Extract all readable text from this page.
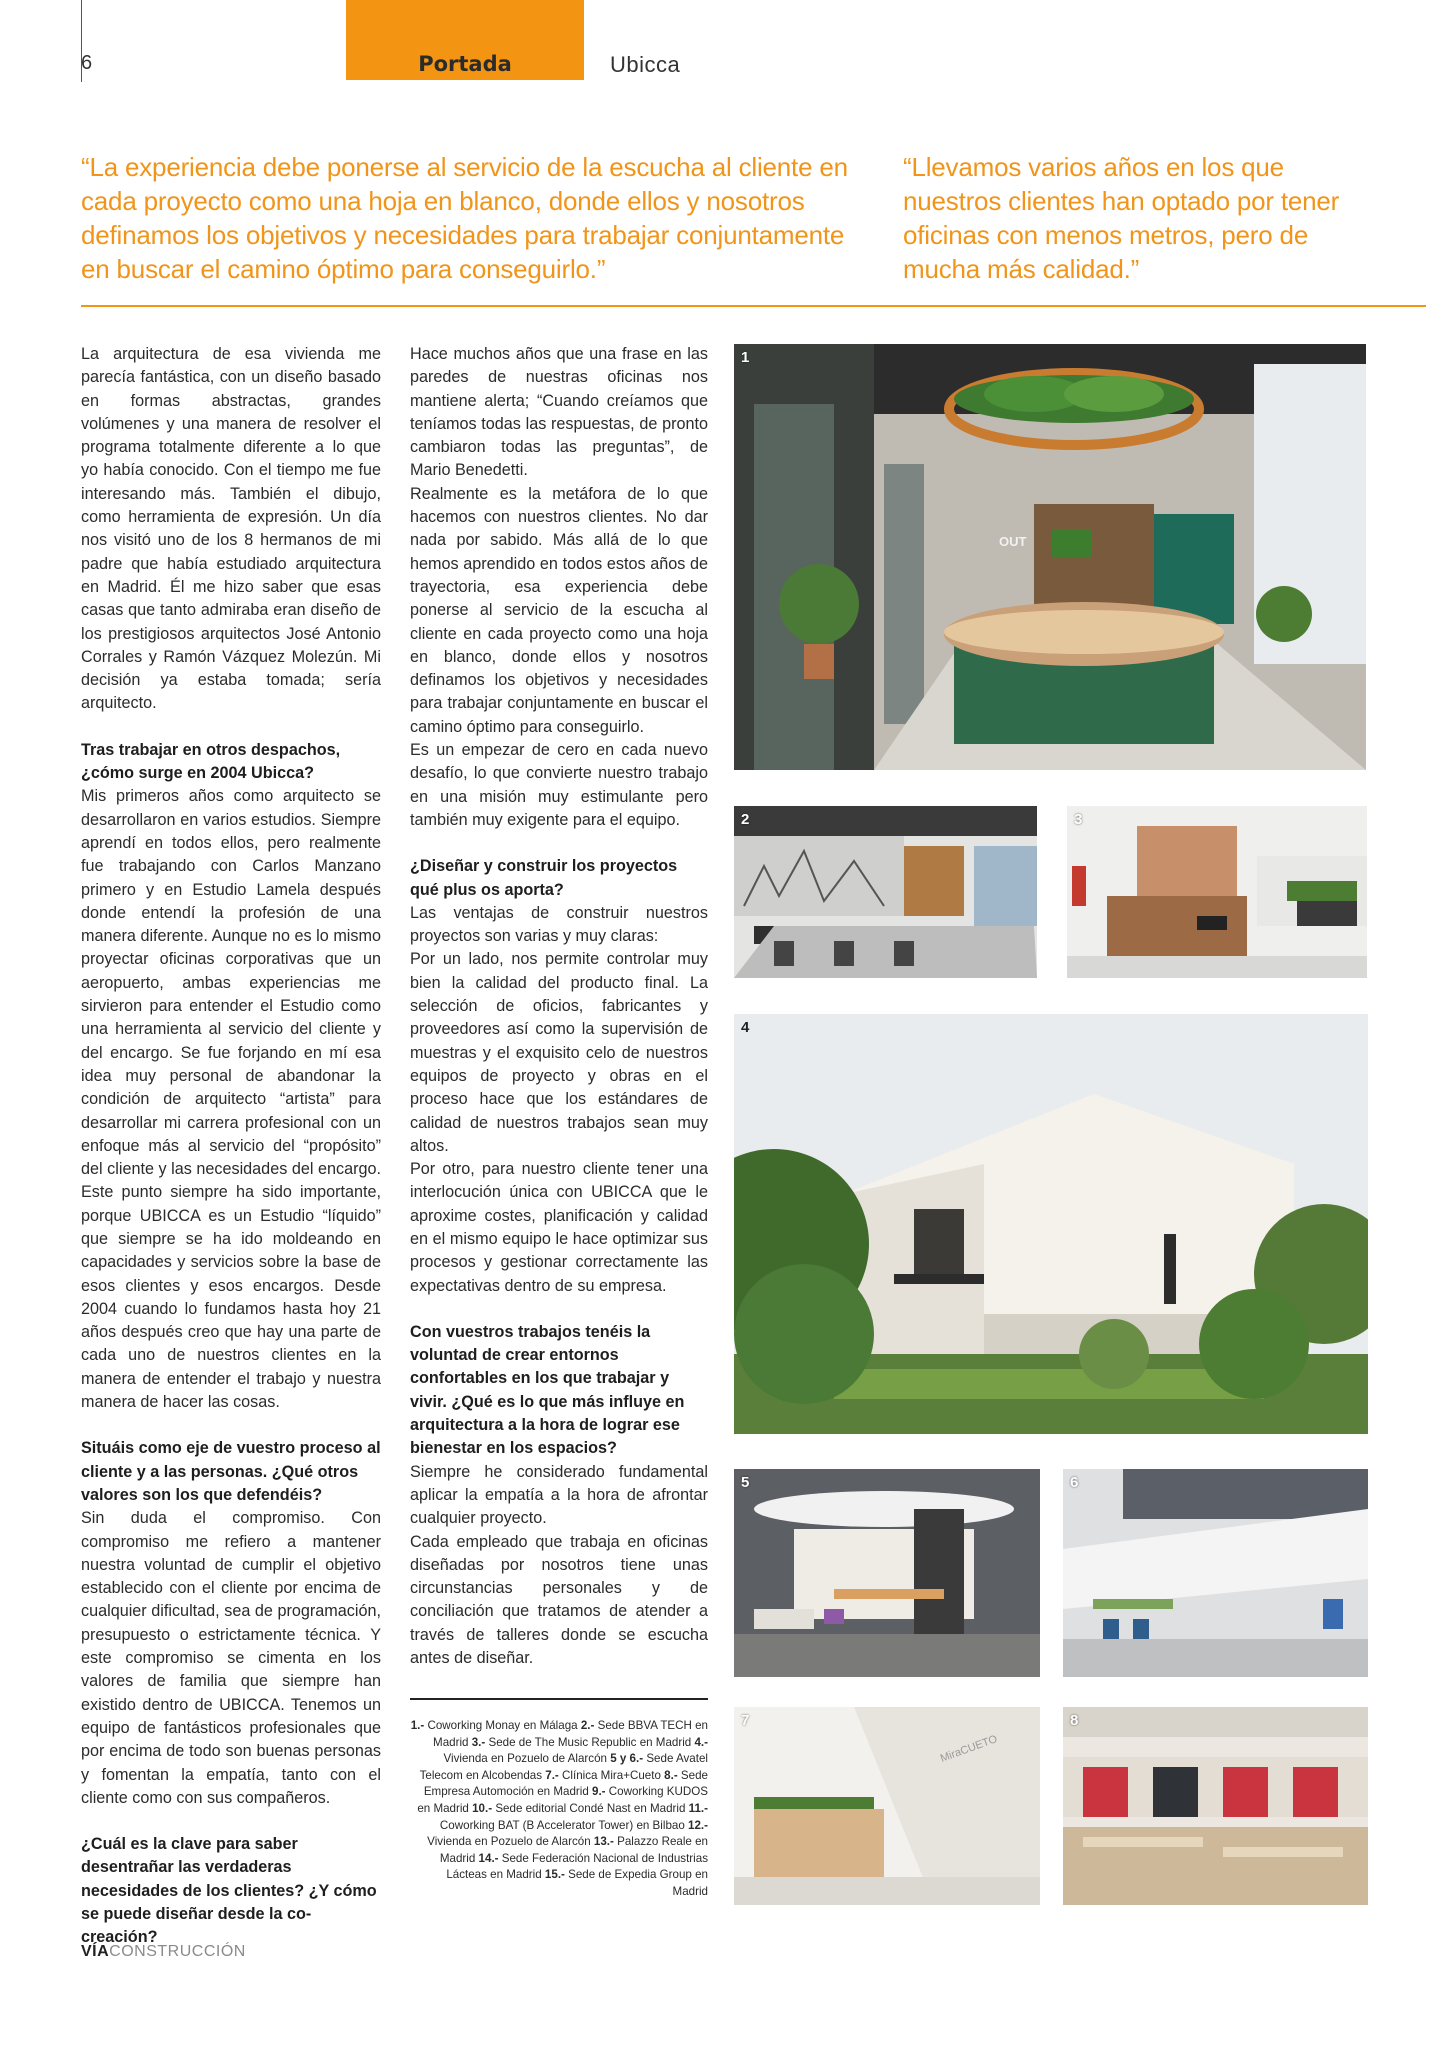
6	Portada	Ubicca
“La experiencia debe ponerse al servicio de la escucha al cliente en cada proyecto como una hoja en blanco, donde ellos y nosotros definamos los objetivos y necesidades para trabajar conjuntamente en buscar el camino óptimo para conseguirlo.”
“Llevamos varios años en los que nuestros clientes han optado por tener oficinas con menos metros, pero de mucha más calidad.”

La arquitectura de esa vivienda me parecía fantástica, con un diseño basado en formas abstractas, grandes volúmenes y una manera de resolver el programa totalmente diferente a lo que yo había conocido. Con el tiempo me fue interesando más. También el dibujo, como herramienta de expresión. Un día nos visitó uno de los 8 hermanos de mi padre que había estudiado arquitectura en Madrid. Él me hizo saber que esas casas que tanto admiraba eran diseño de los prestigiosos arquitectos José Antonio Corrales y Ramón Vázquez Molezún. Mi decisión ya estaba tomada; sería arquitecto.

Tras trabajar en otros despachos, ¿cómo surge en 2004 Ubicca?

Mis primeros años como arquitecto se desarrollaron en varios estudios. Siempre aprendí en todos ellos, pero realmente fue trabajando con Carlos Manzano primero y en Estudio Lamela después donde entendí la profesión de una manera diferente. Aunque no es lo mismo proyectar oficinas corporativas que un aeropuerto, ambas experiencias me sirvieron para entender el Estudio como una herramienta al servicio del cliente y del encargo. Se fue forjando en mí esa idea muy personal de abandonar la condición de arquitecto “artista” para desarrollar mi carrera profesional con un enfoque más al servicio del “propósito” del cliente y las necesidades del encargo. Este punto siempre ha sido importante, porque UBICCA es un Estudio “líquido” que siempre se ha ido moldeando en capacidades y servicios sobre la base de esos clientes y esos encargos. Desde 2004 cuando lo fundamos hasta hoy 21 años después creo que hay una parte de cada uno de nuestros clientes en la manera de entender el trabajo y nuestra manera de hacer las cosas.

Situáis como eje de vuestro proceso al cliente y a las personas. ¿Qué otros valores son los que defendéis?

Sin duda el compromiso. Con compromiso me refiero a mantener nuestra voluntad de cumplir el objetivo establecido con el cliente por encima de cualquier dificultad, sea de programación, presupuesto o estrictamente técnica. Y este compromiso se cimenta en los valores de familia que siempre han existido dentro de UBICCA. Tenemos un equipo de fantásticos profesionales que por encima de todo son buenas personas y fomentan la empatía, tanto con el cliente como con sus compañeros.

¿Cuál es la clave para saber desentrañar las verdaderas necesidades de los clientes? ¿Y cómo se puede diseñar desde la co-creación?

Hace muchos años que una frase en las paredes de nuestras oficinas nos mantiene alerta; “Cuando creíamos que teníamos todas las respuestas, de pronto cambiaron todas las preguntas”, de Mario Benedetti.

Realmente es la metáfora de lo que hacemos con nuestros clientes. No dar nada por sabido. Más allá de lo que hemos aprendido en todos estos años de trayectoria, esa experiencia debe ponerse al servicio de la escucha al cliente en cada proyecto como una hoja en blanco, donde ellos y nosotros definamos los objetivos y necesidades para trabajar conjuntamente en buscar el camino óptimo para conseguirlo.

Es un empezar de cero en cada nuevo desafío, lo que convierte nuestro trabajo en una misión muy estimulante pero también muy exigente para el equipo.

¿Diseñar y construir los proyectos qué plus os aporta?

Las ventajas de construir nuestros proyectos son varias y muy claras:

Por un lado, nos permite controlar muy bien la calidad del producto final. La selección de oficios, fabricantes y proveedores así como la supervisión de muestras y el exquisito celo de nuestros equipos de proyecto y obras en el proceso hace que los estándares de calidad de nuestros trabajos sean muy altos.

Por otro, para nuestro cliente tener una interlocución única con UBICCA que le aproxime costes, planificación y calidad en el mismo equipo le hace optimizar sus procesos y gestionar correctamente las expectativas dentro de su empresa.

Con vuestros trabajos tenéis la voluntad de crear entornos confortables en los que trabajar y vivir. ¿Qué es lo que más influye en arquitectura a la hora de lograr ese bienestar en los espacios?

Siempre he considerado fundamental aplicar la empatía a la hora de afrontar cualquier proyecto.

Cada empleado que trabaja en oficinas diseñadas por nosotros tiene unas circunstancias personales y de conciliación que tratamos de atender a través de talleres donde se escucha antes de diseñar.

1.- Coworking Monay en Málaga 2.- Sede BBVA TECH en Madrid 3.- Sede de The Music Republic en Madrid 4.- Vivienda en Pozuelo de Alarcón 5 y 6.- Sede Avatel Telecom en Alcobendas 7.- Clínica Mira+Cueto 8.- Sede Empresa Automoción en Madrid 9.- Coworking KUDOS en Madrid 10.- Sede editorial Condé Nast en Madrid 11.- Coworking BAT (B Accelerator Tower) en Bilbao 12.- Vivienda en Pozuelo de Alarcón 13.- Palazzo Reale en Madrid 14.- Sede Federación Nacional de Industrias Lácteas en Madrid 15.- Sede de Expedia Group en Madrid
1
OUT
2	3
4
5	6
7
MiraCUETO
8
VÍACONSTRUCCIÓN
